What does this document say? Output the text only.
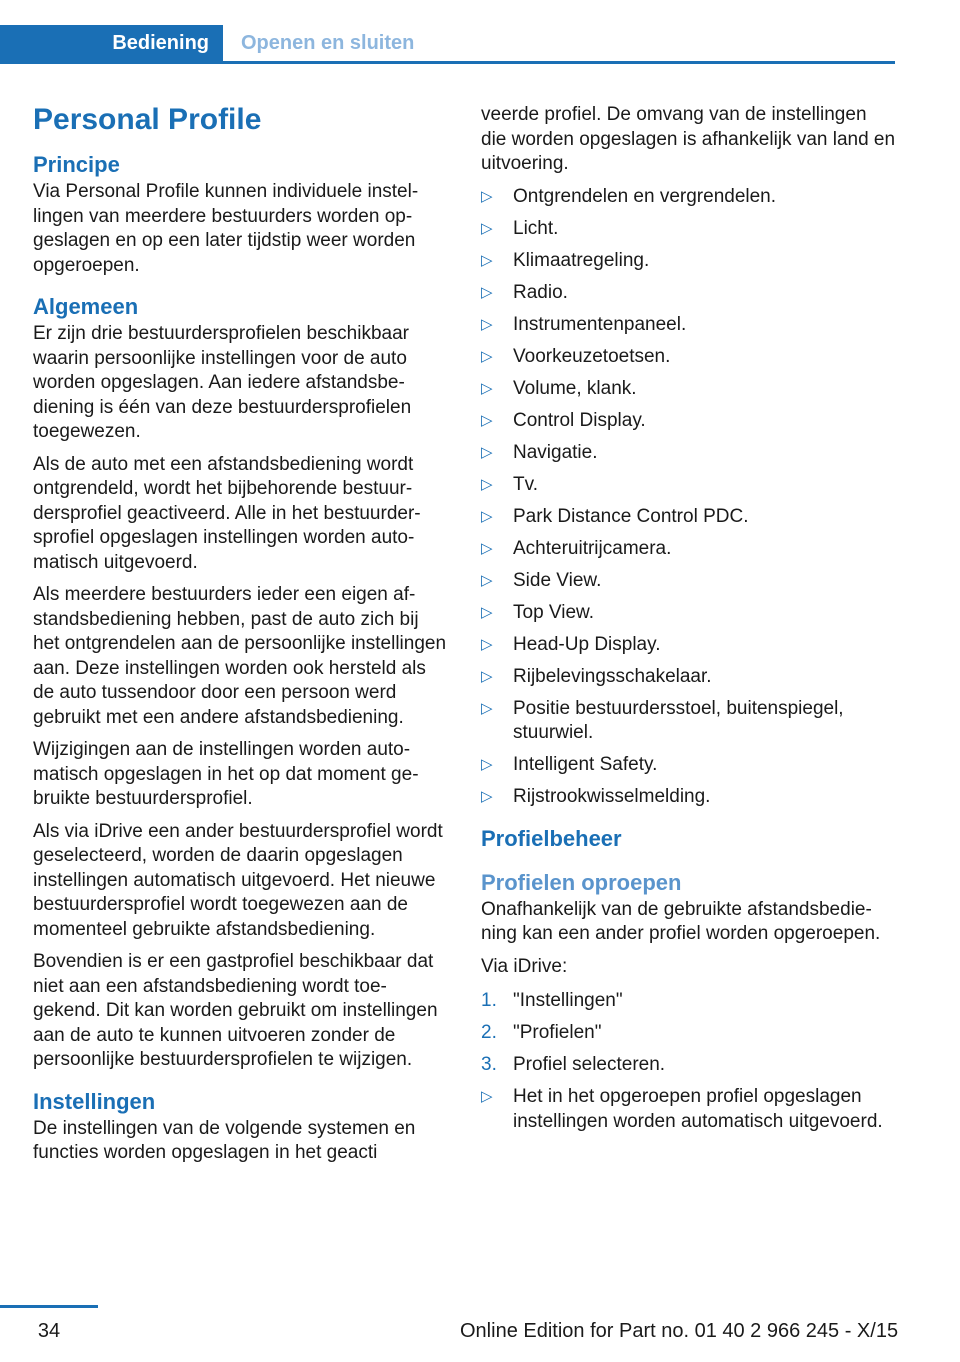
Bediening	Openen en sluiten
Personal Profile
Principe

Via Personal Profile kunnen individuele instellingen van meerdere bestuurders worden opgeslagen en op een later tijdstip weer worden opgeroepen.

Algemeen

Er zijn drie bestuurdersprofielen beschikbaar waarin persoonlijke instellingen voor de auto worden opgeslagen. Aan iedere afstandsbediening is één van deze bestuurdersprofielen toegewezen.

Als de auto met een afstandsbediening wordt ontgrendeld, wordt het bijbehorende bestuurdersprofiel geactiveerd. Alle in het bestuurdersprofiel opgeslagen instellingen worden automatisch uitgevoerd.

Als meerdere bestuurders ieder een eigen afstandsbediening hebben, past de auto zich bij het ontgrendelen aan de persoonlijke instellingen aan. Deze instellingen worden ook hersteld als de auto tussendoor door een persoon werd gebruikt met een andere afstandsbediening.

Wijzigingen aan de instellingen worden automatisch opgeslagen in het op dat moment gebruikte bestuurdersprofiel.

Als via iDrive een ander bestuurdersprofiel wordt geselecteerd, worden de daarin opgeslagen instellingen automatisch uitgevoerd. Het nieuwe bestuurdersprofiel wordt toegewezen aan de momenteel gebruikte afstandsbediening.

Bovendien is er een gastprofiel beschikbaar dat niet aan een afstandsbediening wordt toegekend. Dit kan worden gebruikt om instellingen aan de auto te kunnen uitvoeren zonder de persoonlijke bestuurdersprofielen te wijzigen.

Instellingen

De instellingen van de volgende systemen en functies worden opgeslagen in het geacti

veerde profiel. De omvang van de instellingen die worden opgeslagen is afhankelijk van land en uitvoering.

▷ Ontgrendelen en vergrendelen.
▷ Licht.
▷ Klimaatregeling.
▷ Radio.
▷ Instrumentenpaneel.
▷ Voorkeuzetoetsen.
▷ Volume, klank.
▷ Control Display.
▷ Navigatie.
▷ Tv.
▷ Park Distance Control PDC.
▷ Achteruitrijcamera.
▷ Side View.
▷ Top View.
▷ Head-Up Display.
▷ Rijbelevingsschakelaar.
▷ Positie bestuurdersstoel, buitenspiegel, stuurwiel.
▷ Intelligent Safety.
▷ Rijstrookwisselmelding.
Profielbeheer
Profielen oproepen

Onafhankelijk van de gebruikte afstandsbediening kan een ander profiel worden opgeroepen.

Via iDrive:

1. "Instellingen"
2. "Profielen"
3. Profiel selecteren.
▷ Het in het opgeroepen profiel opgeslagen instellingen worden automatisch uitgevoerd.
34	Online Edition for Part no. 01 40 2 966 245 - X/15
